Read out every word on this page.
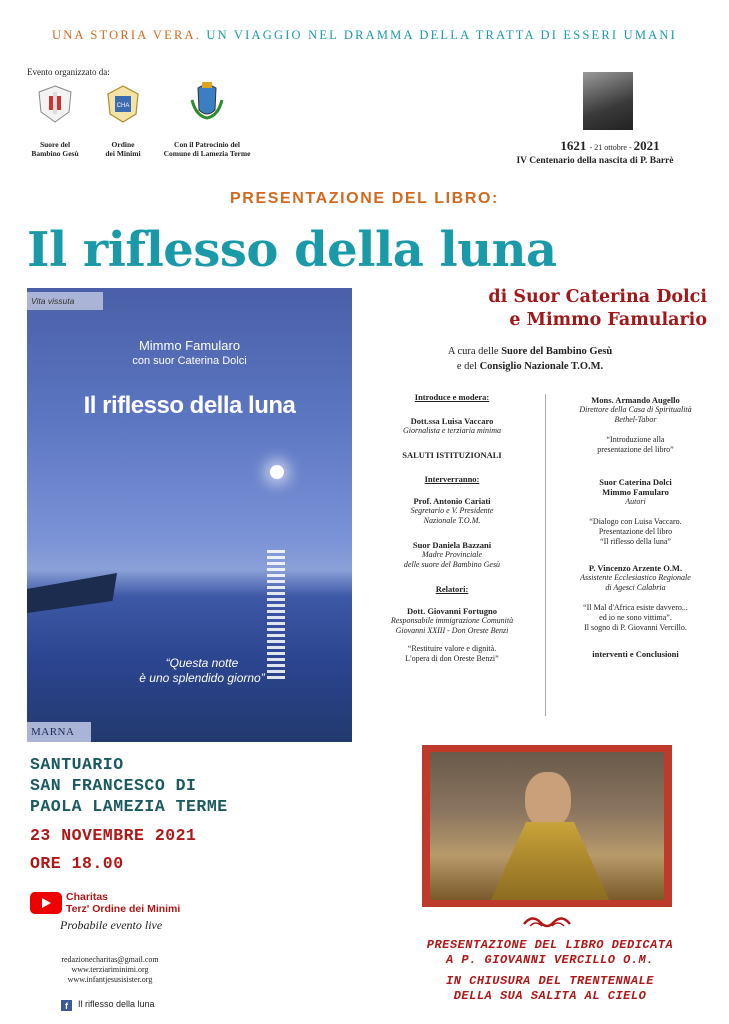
UNA STORIA VERA. UN VIAGGIO NEL DRAMMA DELLA TRATTA DI ESSERI UMANI
Evento organizzato da:
Suore del
Bambino Gesù
CHA
Ordine
dei Minimi
Con il Patrocinio del
Comune di Lamezia Terme
1621 - 21 ottobre - 2021
IV Centenario della nascita di P. Barrè
PRESENTAZIONE DEL LIBRO:
Il riflesso della luna
Vita vissuta
Mimmo Famularo
con suor Caterina Dolci
Il riflesso della luna
“Questa notte
è uno splendido giorno”
MARNA
di Suor Caterina Dolci
e Mimmo Famulario
A cura delle Suore del Bambino Gesù
e del Consiglio Nazionale T.O.M.
Introduce e modera:
Dott.ssa Luisa Vaccaro
Giornalista e terziaria minima
SALUTI ISTITUZIONALI
Interverranno:
Prof. Antonio Cariati
Segretario e V. Presidente
Nazionale T.O.M.
Suor Daniela Bazzani
Madre Provinciale
delle suore del Bambino Gesù
Relatori:
Dott. Giovanni Fortugno
Responsabile immigrazione Comunità
Giovanni XXIII - Don Oreste Benzi
“Restituire valore e dignità.
L'opera di don Oreste Benzi”
Mons. Armando Augello
Direttore della Casa di Spiritualità
Bethel-Tabor
“Introduzione alla
presentazione del libro”
Suor Caterina Dolci
Mimmo Famularo
Autori
“Dialogo con Luisa Vaccaro.
Presentazione del libro
“Il riflesso della luna”
P. Vincenzo Arzente O.M.
Assistente Ecclesiastico Regionale
di Agesci Calabria
“Il Mal d'Africa esiste davvero...
ed io ne sono vittima”.
Il sogno di P. Giovanni Vercillo.
interventi e Conclusioni
SANTUARIO
SAN FRANCESCO DI
PAOLA LAMEZIA TERME
23 NOVEMBRE 2021
ORE 18.00
Charitas
Terz' Ordine dei Minimi
Probabile evento live
redazionecharitas@gmail.com
www.terziariminimi.org
www.infantjesusisister.org
f	Il riflesso della luna
PRESENTAZIONE DEL LIBRO DEDICATA
A P. GIOVANNI VERCILLO O.M.
IN CHIUSURA DEL TRENTENNALE
DELLA SUA SALITA AL CIELO
